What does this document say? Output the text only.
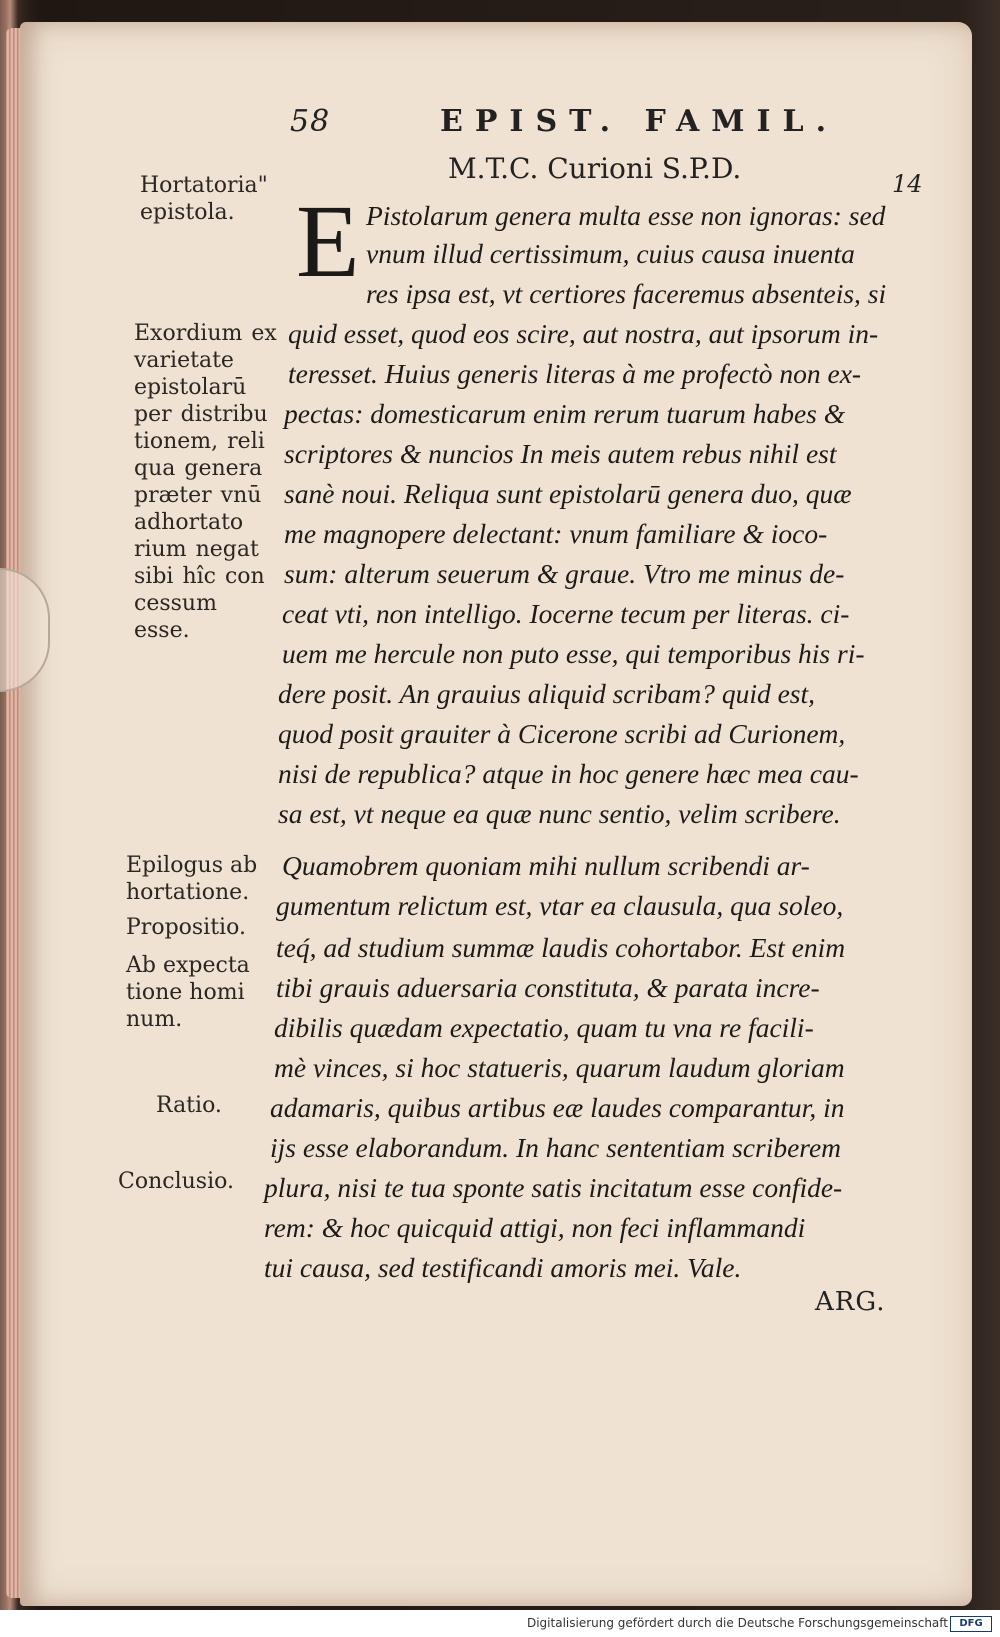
58	EPIST. FAMIL.
M.T.C. Curioni S.P.D.	14
Hortatoria" epistola.
Exordium ex varietate epistolarū per distribu tionem, reli qua genera præter vnū adhortato rium negat sibi hîc con cessum esse.
Epilogus ab hortatione.
Propositio.
Ab expecta tione homi num.
Ratio.
Conclusio.
E Pistolarum genera multa esse non ignoras: sed
vnum illud certissimum, cuius causa inuenta
res ipsa est, vt certiores faceremus absenteis, si
quid esset, quod eos scire, aut nostra, aut ipsorum in-
teresset. Huius generis literas à me profectò non ex-
pectas: domesticarum enim rerum tuarum habes &
scriptores & nuncios In meis autem rebus nihil est
sanè noui. Reliqua sunt epistolarū genera duo, quæ
me magnopere delectant: vnum familiare & ioco-
sum: alterum seuerum & graue. Vtro me minus de-
ceat vti, non intelligo. Iocerne tecum per literas. ci-
uem me hercule non puto esse, qui temporibus his ri-
dere posit. An grauius aliquid scribam? quid est,
quod posit grauiter à Cicerone scribi ad Curionem,
nisi de republica? atque in hoc genere hæc mea cau-
sa est, vt neque ea quæ nunc sentio, velim scribere.
Quamobrem quoniam mihi nullum scribendi ar-
gumentum relictum est, vtar ea clausula, qua soleo,
teq́, ad studium summæ laudis cohortabor. Est enim
tibi grauis aduersaria constituta, & parata incre-
dibilis quædam expectatio, quam tu vna re facili-
mè vinces, si hoc statueris, quarum laudum gloriam
adamaris, quibus artibus eæ laudes comparantur, in
ijs esse elaborandum. In hanc sententiam scriberem
plura, nisi te tua sponte satis incitatum esse confide-
rem: & hoc quicquid attigi, non feci inflammandi
tui causa, sed testificandi amoris mei. Vale.
ARG.
Digitalisierung gefördert durch die Deutsche Forschungsgemeinschaft	DFG
